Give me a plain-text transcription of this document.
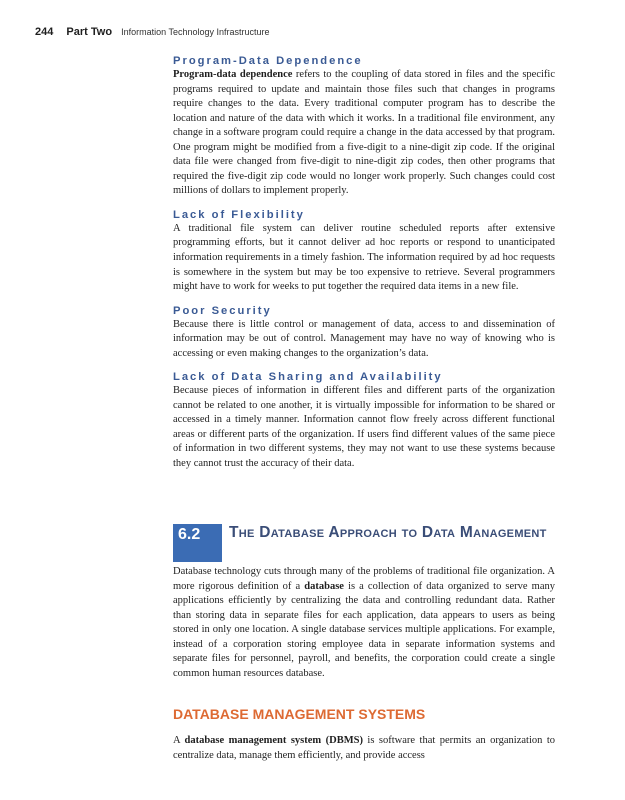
244 Part Two Information Technology Infrastructure
Program-Data Dependence

Program-data dependence refers to the coupling of data stored in files and the specific programs required to update and maintain those files such that changes in programs require changes to the data. Every traditional computer program has to describe the location and nature of the data with which it works. In a traditional file environment, any change in a software program could require a change in the data accessed by that program. One program might be modified from a five-digit to a nine-digit zip code. If the original data file were changed from five-digit to nine-digit zip codes, then other programs that required the five-digit zip code would no longer work properly. Such changes could cost millions of dollars to implement properly.

Lack of Flexibility

A traditional file system can deliver routine scheduled reports after extensive programming efforts, but it cannot deliver ad hoc reports or respond to unanticipated information requirements in a timely fashion. The information required by ad hoc requests is somewhere in the system but may be too expensive to retrieve. Several programmers might have to work for weeks to put together the required data items in a new file.

Poor Security

Because there is little control or management of data, access to and dissemination of information may be out of control. Management may have no way of knowing who is accessing or even making changes to the organization’s data.

Lack of Data Sharing and Availability

Because pieces of information in different files and different parts of the organization cannot be related to one another, it is virtually impossible for information to be shared or accessed in a timely manner. Information cannot flow freely across different functional areas or different parts of the organization. If users find different values of the same piece of information in two different systems, they may not want to use these systems because they cannot trust the accuracy of their data.

6.2	The Database Approach to Data Management

Database technology cuts through many of the problems of traditional file organization. A more rigorous definition of a database is a collection of data organized to serve many applications efficiently by centralizing the data and controlling redundant data. Rather than storing data in separate files for each application, data appears to users as being stored in only one location. A single database services multiple applications. For example, instead of a corporation storing employee data in separate information systems and separate files for personnel, payroll, and benefits, the corporation could create a single common human resources database.

DATABASE MANAGEMENT SYSTEMS

A database management system (DBMS) is software that permits an organization to centralize data, manage them efficiently, and provide access
